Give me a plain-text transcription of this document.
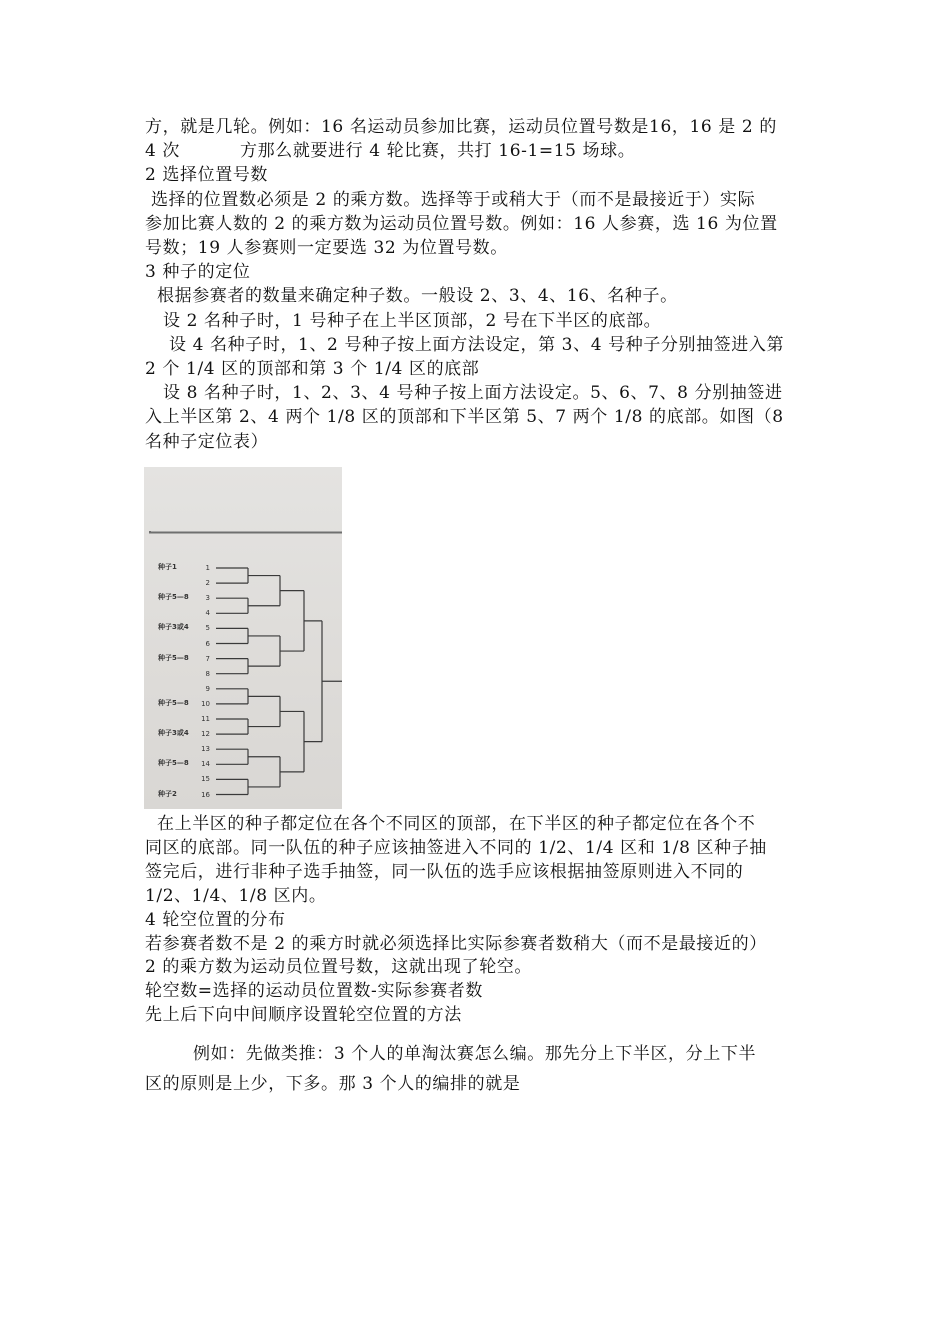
方，就是几轮。例如：16 名运动员参加比赛，运动员位置号数是16，16 是 2 的
4 次          方那么就要进行 4 轮比赛，共打 16-1=15 场球。
2 选择位置号数
选择的位置数必须是 2 的乘方数。选择等于或稍大于（而不是最接近于）实际
参加比赛人数的 2 的乘方数为运动员位置号数。例如：16 人参赛，选 16 为位置
号数；19 人参赛则一定要选 32 为位置号数。
3 种子的定位
根据参赛者的数量来确定种子数。一般设 2、3、4、16、名种子。
设 2 名种子时，1 号种子在上半区顶部，2 号在下半区的底部。
设 4 名种子时，1、2 号种子按上面方法设定，第 3、4 号种子分别抽签进入第
2 个 1/4 区的顶部和第 3 个 1/4 区的底部
设 8 名种子时，1、2、3、4 号种子按上面方法设定。5、6、7、8 分别抽签进
入上半区第 2、4 两个 1/8 区的顶部和下半区第 5、7 两个 1/8 的底部。如图（8
名种子定位表）
1
2
3
4
5
6
7
8
9
10
11
12
13
14
15
16
种子1
种子5—8
种子3或4
种子5—8
种子5—8
种子3或4
种子5—8
种子2
在上半区的种子都定位在各个不同区的顶部，在下半区的种子都定位在各个不
同区的底部。同一队伍的种子应该抽签进入不同的 1/2、1/4 区和 1/8 区种子抽
签完后，进行非种子选手抽签，同一队伍的选手应该根据抽签原则进入不同的
1/2、1/4、1/8 区内。
4 轮空位置的分布
若参赛者数不是 2 的乘方时就必须选择比实际参赛者数稍大（而不是最接近的）
2 的乘方数为运动员位置号数，这就出现了轮空。
轮空数=选择的运动员位置数-实际参赛者数
先上后下向中间顺序设置轮空位置的方法
例如：先做类推：3 个人的单淘汰赛怎么编。那先分上下半区，分上下半
区的原则是上少，下多。那 3 个人的编排的就是
